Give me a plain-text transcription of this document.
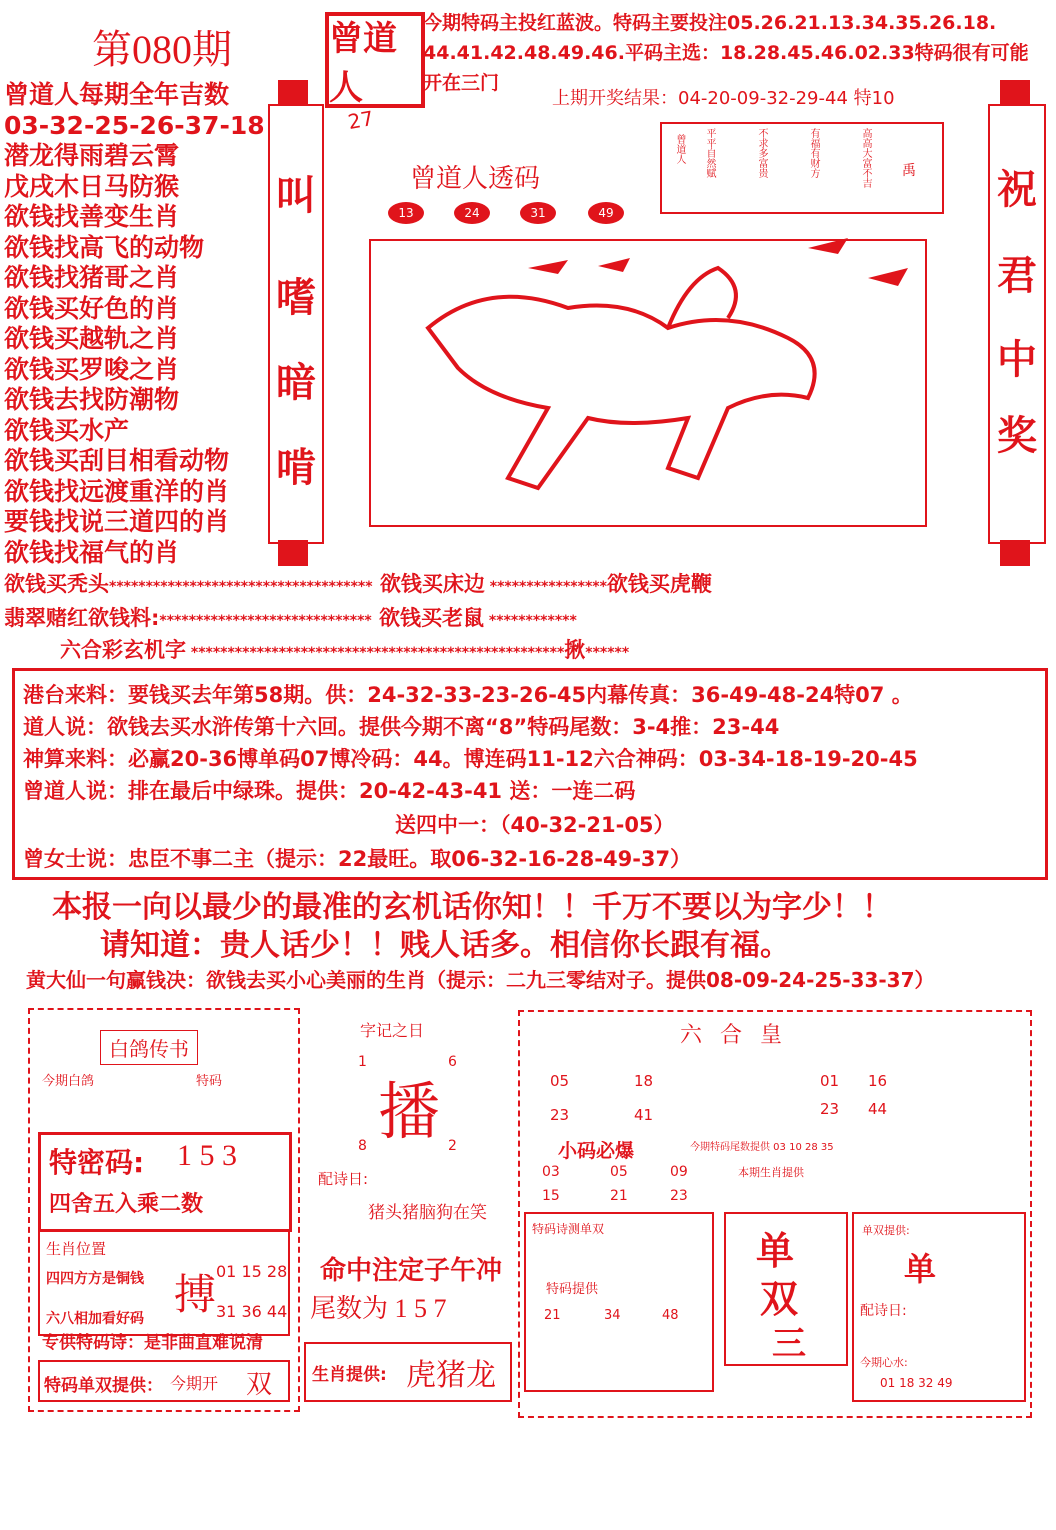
第080期	曾道人
今期特码主投红蓝波。特码主要投注05.26.21.13.34.35.26.18.
44.41.42.48.49.46.平码主选：18.28.45.46.02.33特码很有可能
开在三门
上期开奖结果：04-20-09-32-29-44 特10
曾道人每期全年吉数
03-32-25-26-37-18
潜龙得雨碧云霄
戊戌木日马防猴
欲钱找善变生肖
欲钱找高飞的动物
欲钱找猪哥之肖
欲钱买好色的肖
欲钱买越轨之肖
欲钱买罗唆之肖
欲钱去找防潮物
欲钱买水产
欲钱买刮目相看动物
欲钱找远渡重洋的肖
要钱找说三道四的肖
欲钱找福气的肖
叫
嗜
暗
啃
祝
君
中
奖
27
曾道人透码
13	24	31	49
曾道人 平平自然赋	不求多富贵	有福有财方	高高大富不吉 禹
欲钱买秃头************************************ 欲钱买床边 ****************欲钱买虎鞭
翡翠赌红欲钱料:***************************** 欲钱买老鼠 ************
六合彩玄机字 ***************************************************揪******
港台来料：要钱买去年第58期。供：24-32-33-23-26-45内幕传真：36-49-48-24特07 。
道人说：欲钱去买水浒传第十六回。提供今期不离“8”特码尾数：3-4推：23-44
神算来料：必赢20-36博单码07博冷码：44。博连码11-12六合神码：03-34-18-19-20-45
曾道人说：排在最后中绿珠。提供：20-42-43-41 送：一连二码
送四中一：（40-32-21-05）
曾女士说：忠臣不事二主（提示：22最旺。取06-32-16-28-49-37）
本报一向以最少的最准的玄机话你知！！千万不要以为字少！！
请知道：贵人话少！！贱人话多。相信你长跟有福。
黄大仙一句赢钱决：欲钱去买小心美丽的生肖（提示：二九三零结对子。提供08-09-24-25-33-37）
白鸽传书
今期白鸽	特码
特密码: 1 5 3
四舍五入乘二数
生肖位置
四四方方是铜钱
六八相加看好码 搏
01 15 28
31 36 44
专供特码诗：是非曲直难说清
特码单双提供： 今期开 双
字记之日
1	6
播
8	2
配诗日:
猪头猪脑狗在笑
命中注定子午冲
尾数为 1 5 7
生肖提供: 虎猪龙
六合皇
05	18
23	41
01 16
23 44
小码必爆	今期特码尾数提供 03 10 28 35
03	05	09
15	21	23
本期生肖提供
特码诗测单双
特码提供
21	34	48
单
双
三
单双提供:
单
配诗日:
今期心水:
01 18 32 49
